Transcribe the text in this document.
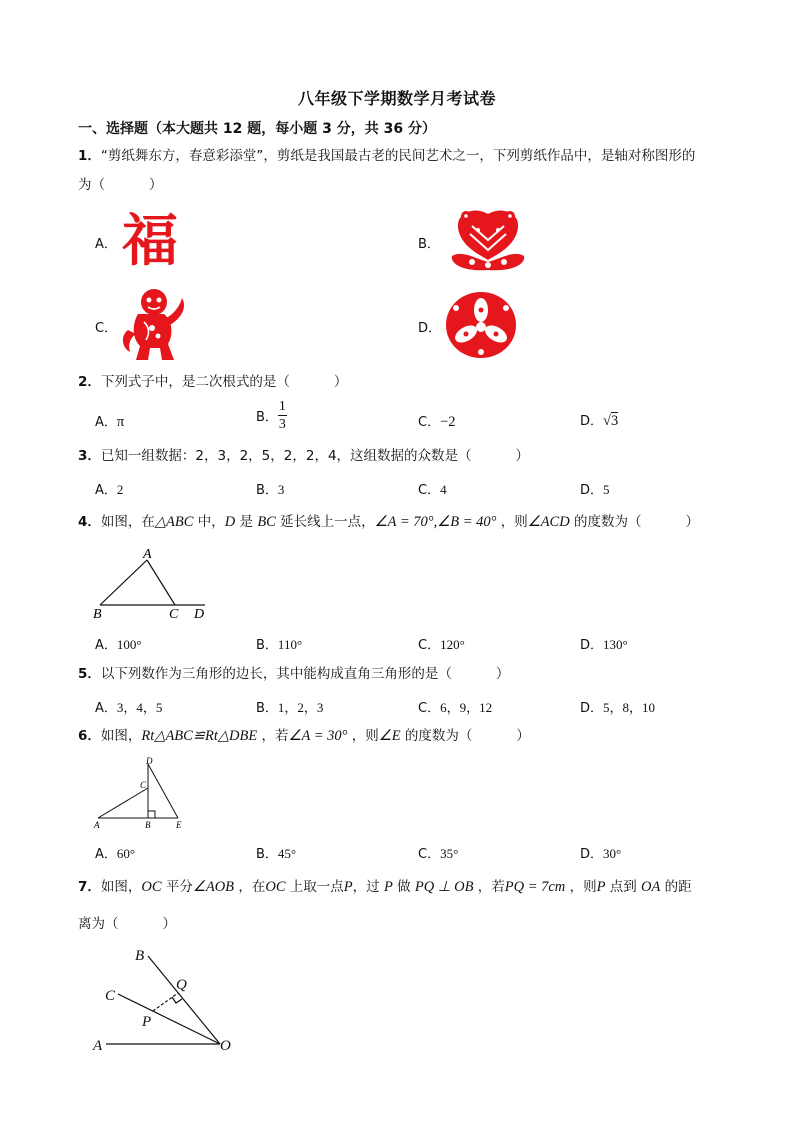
八年级下学期数学月考试卷
一、选择题（本大题共 12 题，每小题 3 分，共 36 分）
1．“剪纸舞东方，春意彩添堂”，剪纸是我国最古老的民间艺术之一，下列剪纸作品中，是轴对称图形的
为（	）
A． 福	B．
C．	D．
2．下列式子中，是二次根式的是（	）
A．π	B． $\frac{1}{3}$	C．−2	D．√3
3．已知一组数据：2，3，2，5，2，2，4，这组数据的众数是（	）
A．2	B．3	C．4	D．5
4．如图，在△ABC 中，D 是 BC 延长线上一点，∠A = 70°,∠B = 40° ，则∠ACD 的度数为（	）
A
B	C D
A．100°	B．110°	C．120°	D．130°
5．以下列数作为三角形的边长，其中能构成直角三角形的是（	）
A．3，4，5	B．1，2，3	C．6，9，12	D．5，8，10
6．如图，Rt△ABC≌Rt△DBE ，若∠A = 30° ，则∠E 的度数为（	）
D
C
A	B	E
A．60°	B．45°	C．35°	D．30°
7．如图，OC 平分∠AOB ，在OC 上取一点P，过 P 做 PQ ⊥ OB ，若PQ = 7cm ，则P 点到 OA 的距
离为（	）
B
C
Q
P
A	O
